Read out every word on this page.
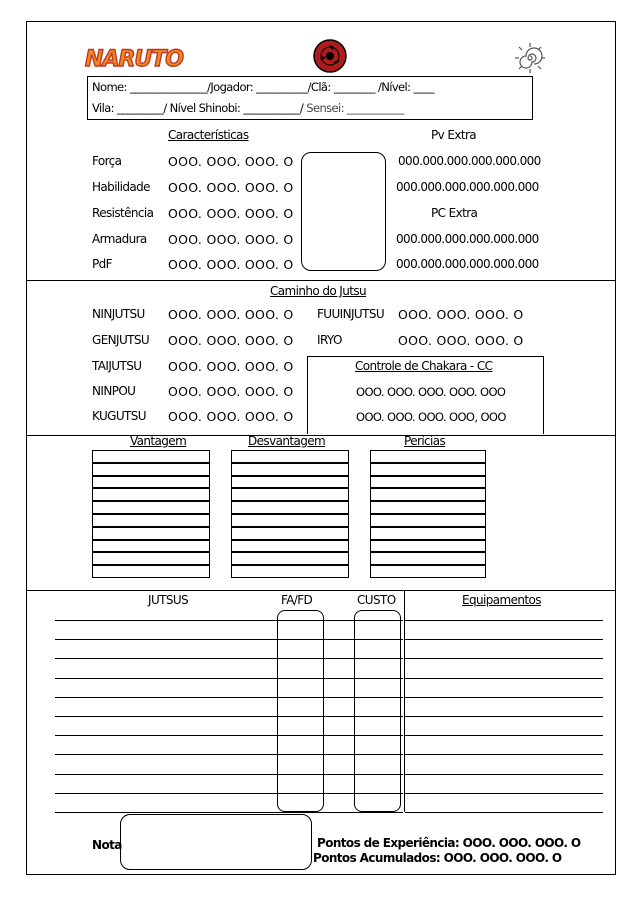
NARUTO
Nome: _______________/Jogador: __________/Clã: ________ /Nível: ____
Vila: _________/ Nível Shinobi: ___________/ Sensei: ___________
Características
Força	OOO. OOO. OOO. O
Habilidade OOO. OOO. OOO. O
Resistência OOO. OOO. OOO. O
Armadura OOO. OOO. OOO. O
PdF	OOO. OOO. OOO. O
Pv Extra
000.000.000.000.000.000
000.000.000.000.000.000
PC Extra
000.000.000.000.000.000
000.000.000.000.000.000
Caminho do Jutsu
NINJUTSU OOO. OOO. OOO. O
GENJUTSU OOO. OOO. OOO. O
TAIJUTSU OOO. OOO. OOO. O
NINPOU	OOO. OOO. OOO. O
KUGUTSU OOO. OOO. OOO. O
FUUINJUTSU OOO. OOO. OOO. O
IRYO	OOO. OOO. OOO. O
Controle de Chakara - CC
OOO. OOO. OOO. OOO. OOO
OOO. OOO. OOO. OOO, OOO
Vantagem	Desvantagem	Perícias
JUTSUS	FA/FD	CUSTO	Equipamentos
Nota	Pontos de Experiência: OOO. OOO. OOO. O
Pontos Acumulados: OOO. OOO. OOO. O
